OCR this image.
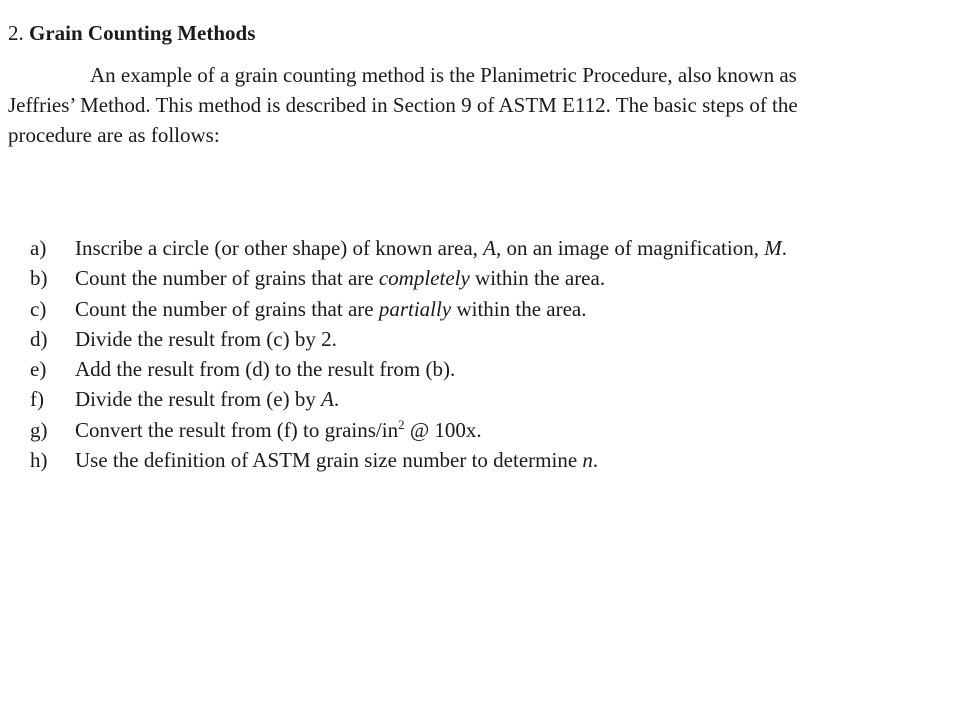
2. Grain Counting Methods
An example of a grain counting method is the Planimetric Procedure, also known as
Jeffries’ Method. This method is described in Section 9 of ASTM E112. The basic steps of the
procedure are as follows:
a) Inscribe a circle (or other shape) of known area, A, on an image of magnification, M.
b) Count the number of grains that are completely within the area.
c) Count the number of grains that are partially within the area.
d) Divide the result from (c) by 2.
e) Add the result from (d) to the result from (b).
f) Divide the result from (e) by A.
g) Convert the result from (f) to grains/$in^2$ @ 100x.
h) Use the definition of ASTM grain size number to determine n.
